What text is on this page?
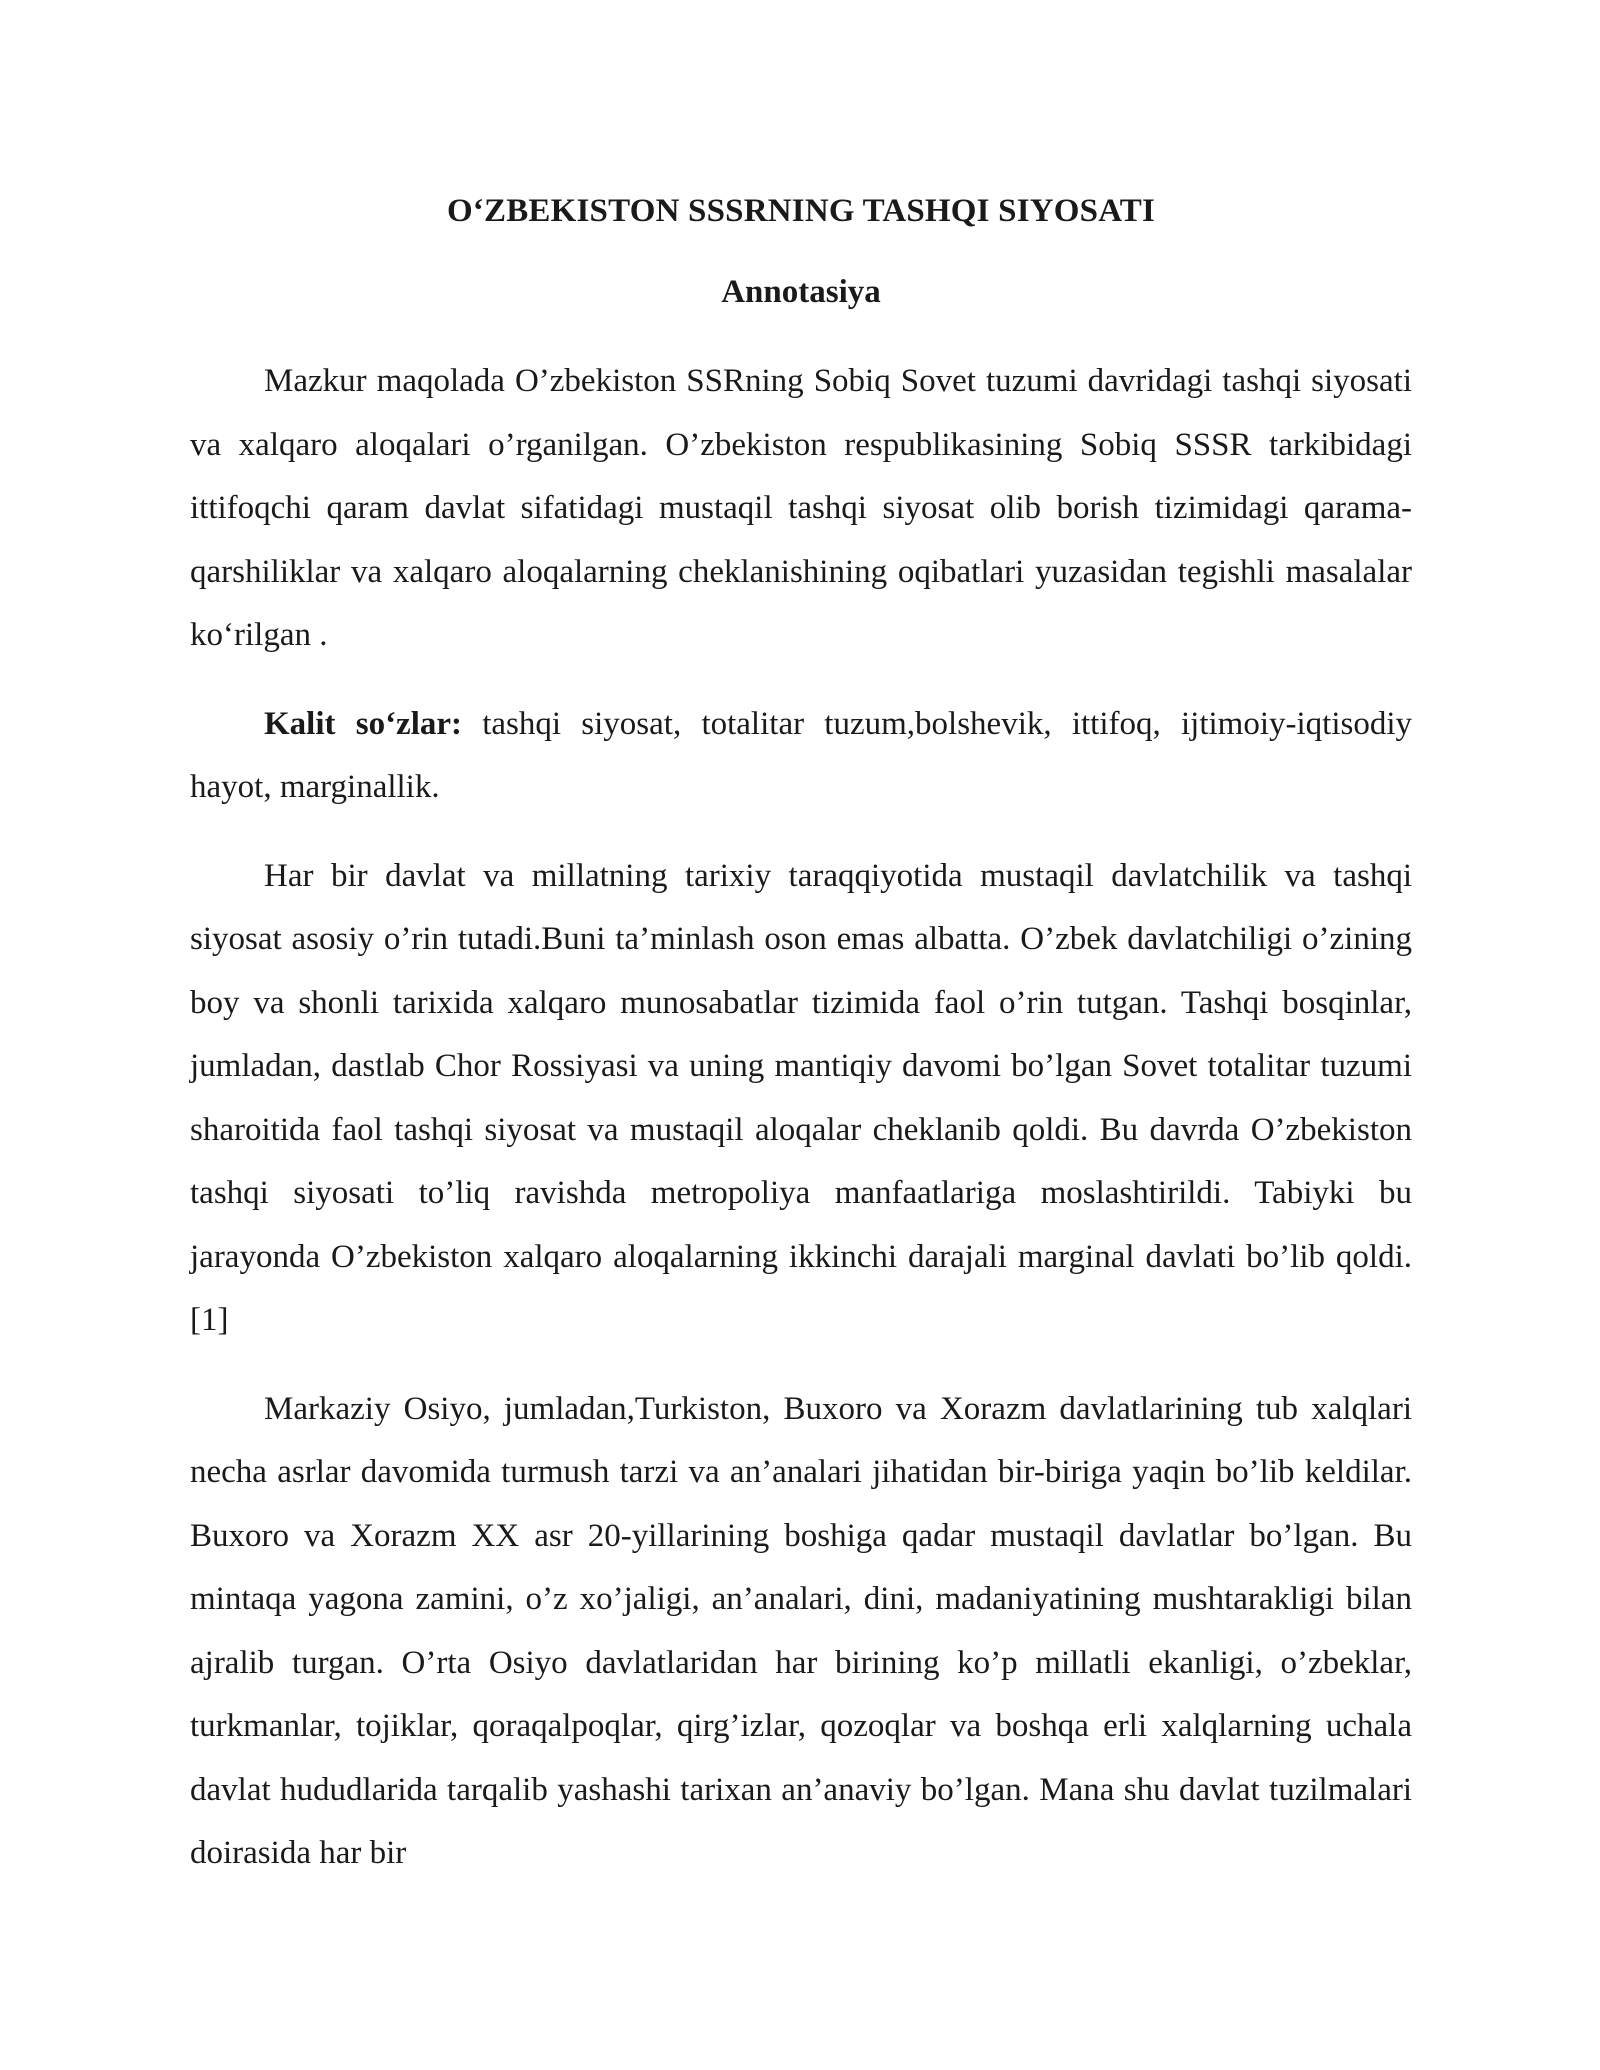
O‘ZBEKISTON SSSRNING TASHQI SIYOSATI
Annotasiya

Mazkur maqolada O’zbekiston SSRning Sobiq Sovet tuzumi davridagi tashqi siyosati va xalqaro aloqalari o’rganilgan. O’zbekiston respublikasining Sobiq SSSR tarkibidagi ittifoqchi qaram davlat sifatidagi mustaqil tashqi siyosat olib borish tizimidagi qarama-qarshiliklar va xalqaro aloqalarning cheklanishining oqibatlari yuzasidan tegishli masalalar ko‘rilgan .

Kalit so‘zlar: tashqi siyosat, totalitar tuzum,bolshevik, ittifoq, ijtimoiy-iqtisodiy hayot, marginallik.

Har bir davlat va millatning tarixiy taraqqiyotida mustaqil davlatchilik va tashqi siyosat asosiy o’rin tutadi.Buni ta’minlash oson emas albatta. O’zbek davlatchiligi o’zining boy va shonli tarixida xalqaro munosabatlar tizimida faol o’rin tutgan. Tashqi bosqinlar, jumladan, dastlab Chor Rossiyasi va uning mantiqiy davomi bo’lgan Sovet totalitar tuzumi sharoitida faol tashqi siyosat va mustaqil aloqalar cheklanib qoldi. Bu davrda O’zbekiston tashqi siyosati to’liq ravishda metropoliya manfaatlariga moslashtirildi. Tabiyki bu jarayonda O’zbekiston xalqaro aloqalarning ikkinchi darajali marginal davlati bo’lib qoldi.[1]

Markaziy Osiyo, jumladan,Turkiston, Buxoro va Xorazm davlatlarining tub xalqlari necha asrlar davomida turmush tarzi va an’analari jihatidan bir-biriga yaqin bo’lib keldilar. Buxoro va Xorazm XX asr 20-yillarining boshiga qadar mustaqil davlatlar bo’lgan. Bu mintaqa yagona zamini, o’z xo’jaligi, an’analari, dini, madaniyatining mushtarakligi bilan ajralib turgan. O’rta Osiyo davlatlaridan har birining ko’p millatli ekanligi, o’zbeklar, turkmanlar, tojiklar, qoraqalpoqlar, qirg’izlar, qozoqlar va boshqa erli xalqlarning uchala davlat hududlarida tarqalib yashashi tarixan an’anaviy bo’lgan. Mana shu davlat tuzilmalari doirasida har bir
